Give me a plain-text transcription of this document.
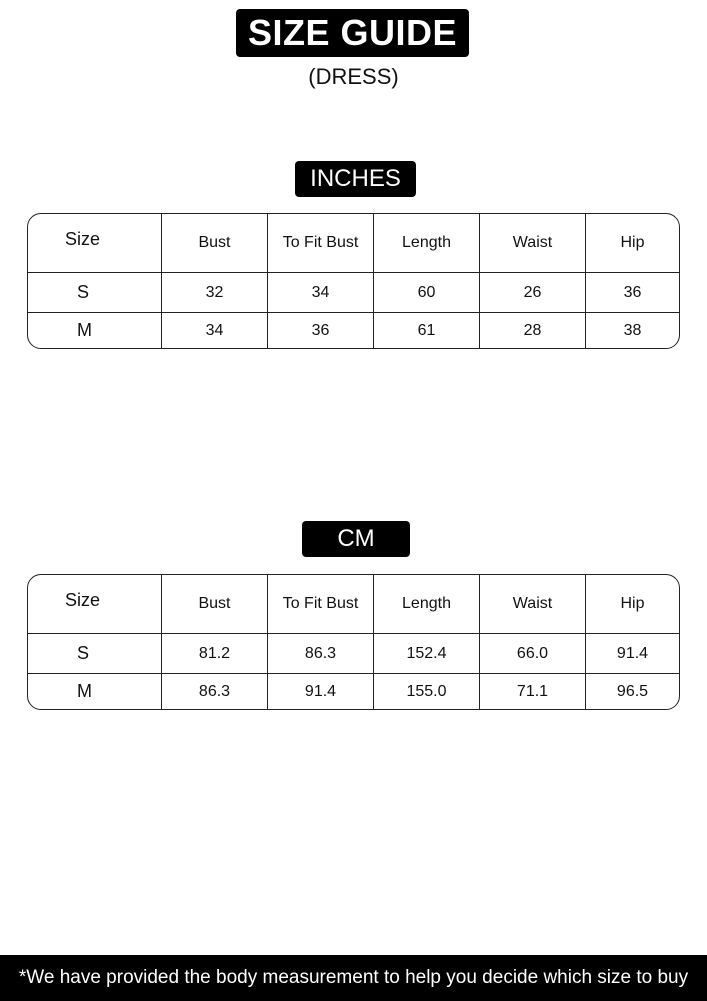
SIZE GUIDE
(DRESS)
INCHES
Size	Bust	To Fit Bust	Length	Waist	Hip
S	32	34	60	26	36
M	34	36	61	28	38
CM
Size	Bust	To Fit Bust	Length	Waist	Hip
S	81.2	86.3	152.4	66.0	91.4
M	86.3	91.4	155.0	71.1	96.5
*We have provided the body measurement to help you decide which size to buy
